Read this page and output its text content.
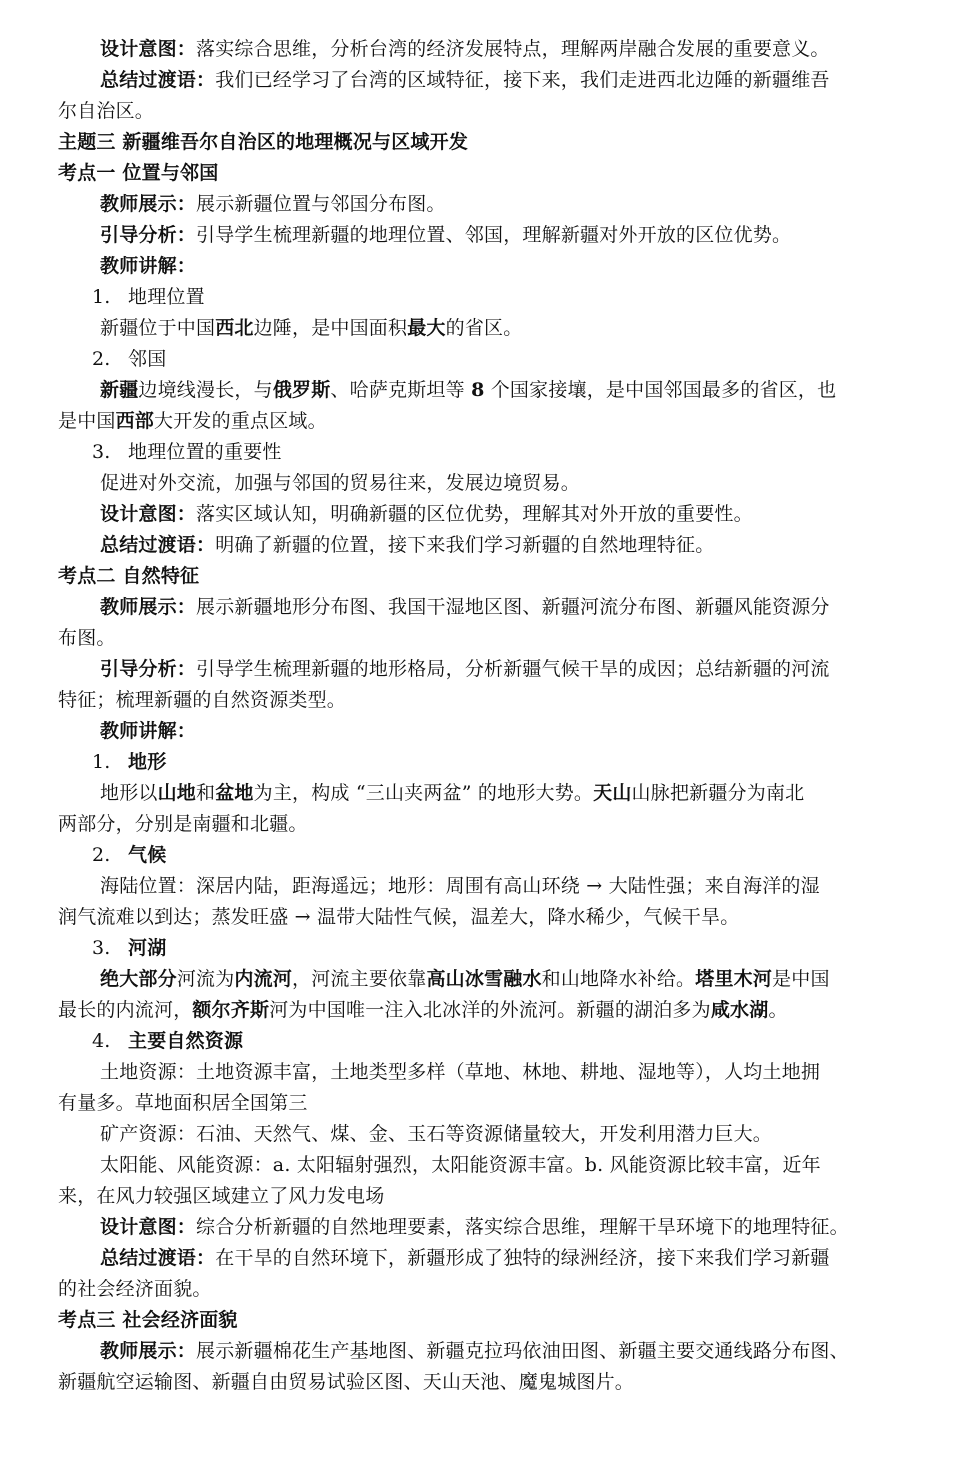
设计意图：落实综合思维，分析台湾的经济发展特点，理解两岸融合发展的重要意义。
总结过渡语：我们已经学习了台湾的区域特征，接下来，我们走进西北边陲的新疆维吾
尔自治区。
主题三 新疆维吾尔自治区的地理概况与区域开发
考点一 位置与邻国
教师展示：展示新疆位置与邻国分布图。
引导分析：引导学生梳理新疆的地理位置、邻国，理解新疆对外开放的区位优势。
教师讲解：
1. 地理位置
新疆位于中国西北边陲，是中国面积最大的省区。
2. 邻国
新疆边境线漫长，与俄罗斯、哈萨克斯坦等 8 个国家接壤，是中国邻国最多的省区，也
是中国西部大开发的重点区域。
3. 地理位置的重要性
促进对外交流，加强与邻国的贸易往来，发展边境贸易。
设计意图：落实区域认知，明确新疆的区位优势，理解其对外开放的重要性。
总结过渡语：明确了新疆的位置，接下来我们学习新疆的自然地理特征。
考点二 自然特征
教师展示：展示新疆地形分布图、我国干湿地区图、新疆河流分布图、新疆风能资源分
布图。
引导分析：引导学生梳理新疆的地形格局，分析新疆气候干旱的成因；总结新疆的河流
特征；梳理新疆的自然资源类型。
教师讲解：
1. 地形
地形以山地和盆地为主，构成 “三山夹两盆” 的地形大势。天山山脉把新疆分为南北
两部分，分别是南疆和北疆。
2. 气候
海陆位置：深居内陆，距海遥远；地形：周围有高山环绕 → 大陆性强；来自海洋的湿
润气流难以到达；蒸发旺盛 → 温带大陆性气候，温差大，降水稀少，气候干旱。
3. 河湖
绝大部分河流为内流河，河流主要依靠高山冰雪融水和山地降水补给。塔里木河是中国
最长的内流河，额尔齐斯河为中国唯一注入北冰洋的外流河。新疆的湖泊多为咸水湖。
4. 主要自然资源
土地资源：土地资源丰富，土地类型多样（草地、林地、耕地、湿地等），人均土地拥
有量多。草地面积居全国第三
矿产资源：石油、天然气、煤、金、玉石等资源储量较大，开发利用潜力巨大。
太阳能、风能资源：a. 太阳辐射强烈，太阳能资源丰富。b. 风能资源比较丰富，近年
来，在风力较强区域建立了风力发电场
设计意图：综合分析新疆的自然地理要素，落实综合思维，理解干旱环境下的地理特征。
总结过渡语：在干旱的自然环境下，新疆形成了独特的绿洲经济，接下来我们学习新疆
的社会经济面貌。
考点三 社会经济面貌
教师展示：展示新疆棉花生产基地图、新疆克拉玛依油田图、新疆主要交通线路分布图、
新疆航空运输图、新疆自由贸易试验区图、天山天池、魔鬼城图片。
